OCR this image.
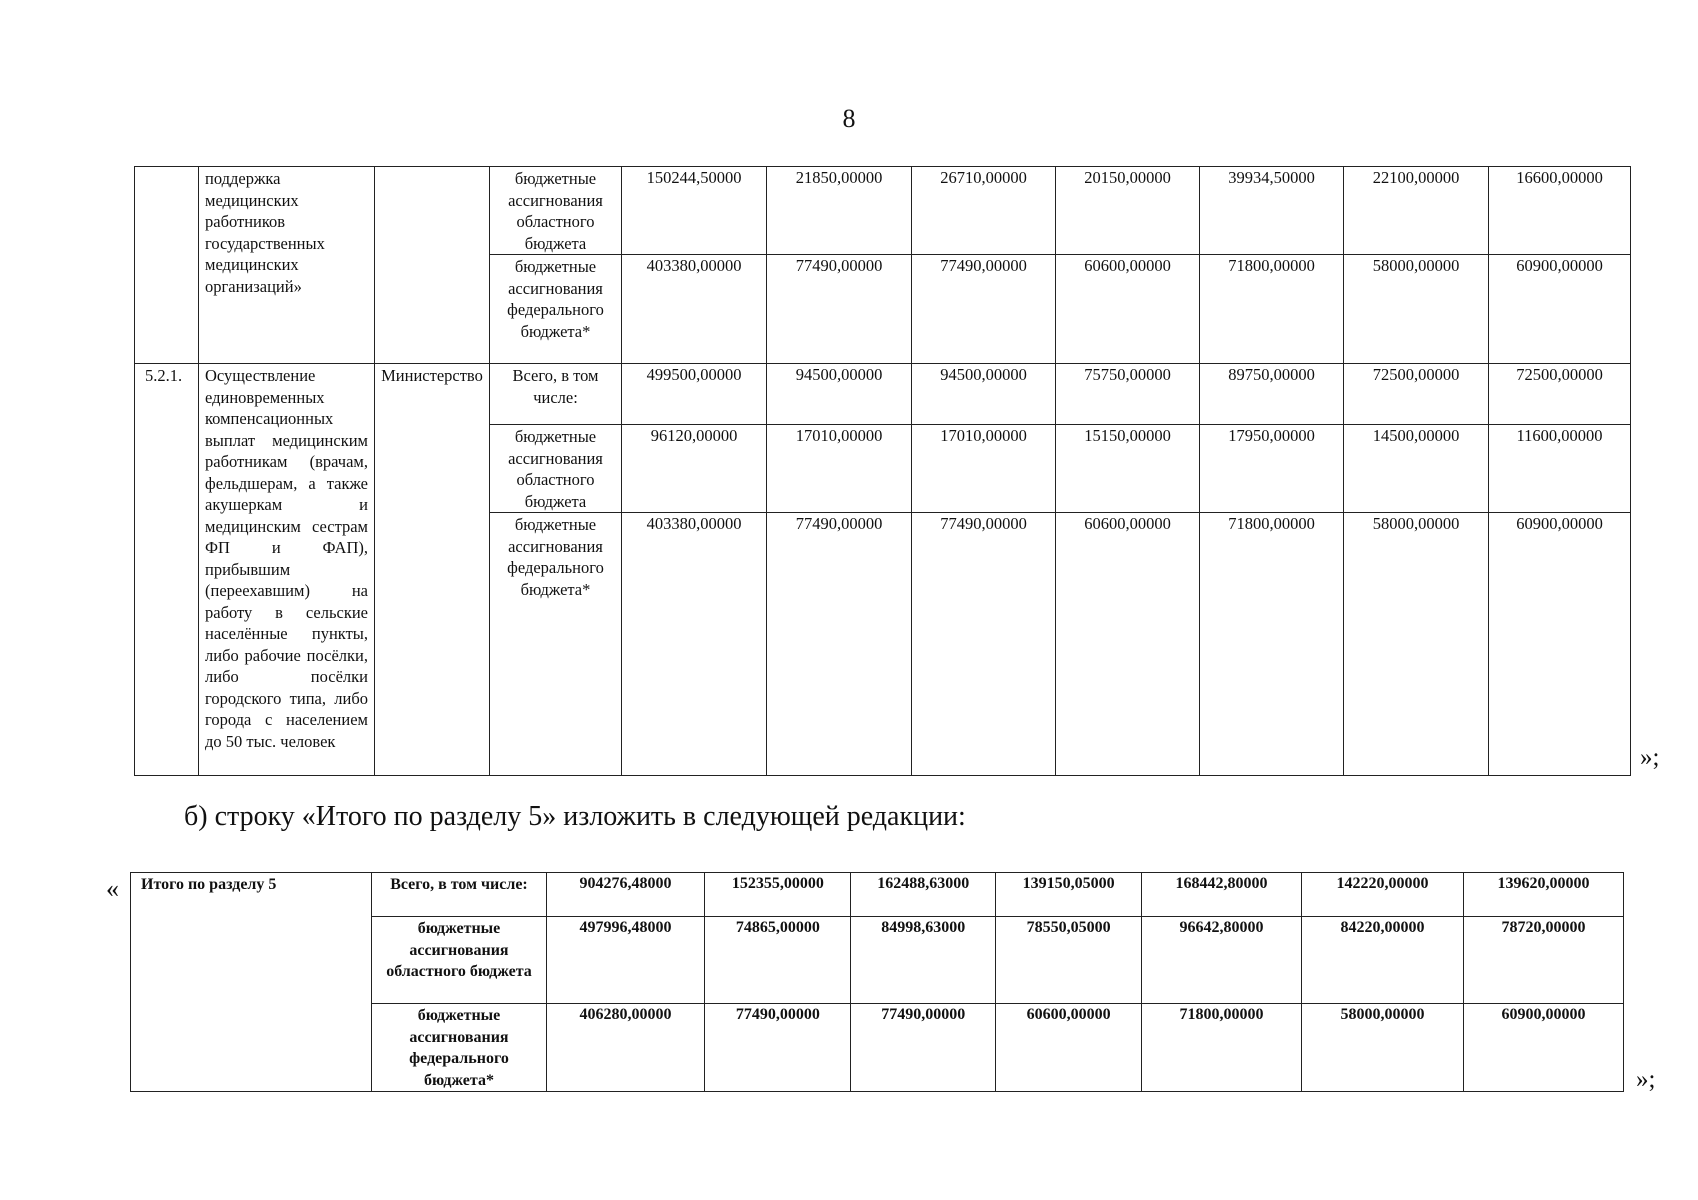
8
	поддержка медицинских работников государственных медицинских организаций»		бюджетные ассигнования областного бюджета	150244,50000	21850,00000	26710,00000	20150,00000	39934,50000	22100,00000	16600,00000
			бюджетные ассигнования федерального бюджета*	403380,00000	77490,00000	77490,00000	60600,00000	71800,00000	58000,00000	60900,00000
5.2.1.	Осуществление единовременных компенсационных выплат медицинским работникам (врачам, фельдшерам, а также акушеркам и медицинским сестрам ФП и ФАП), прибывшим (переехавшим) на работу в сельские населённые пункты, либо рабочие посёлки, либо посёлки городского типа, либо города с населением до 50 тыс. человек	Министерство	Всего, в том числе:	499500,00000	94500,00000	94500,00000	75750,00000	89750,00000	72500,00000	72500,00000
			бюджетные ассигнования областного бюджета	96120,00000	17010,00000	17010,00000	15150,00000	17950,00000	14500,00000	11600,00000
			бюджетные ассигнования федерального бюджета*	403380,00000	77490,00000	77490,00000	60600,00000	71800,00000	58000,00000	60900,00000
»;
б) строку «Итого по разделу 5» изложить в следующей редакции:
« Итого по разделу 5	Всего, в том числе:	904276,48000	152355,00000	162488,63000	139150,05000	168442,80000	142220,00000	139620,00000
	бюджетные ассигнования областного бюджета	497996,48000	74865,00000	84998,63000	78550,05000	96642,80000	84220,00000	78720,00000
	бюджетные ассигнования федерального бюджета*	406280,00000	77490,00000	77490,00000	60600,00000	71800,00000	58000,00000	60900,00000
»;
